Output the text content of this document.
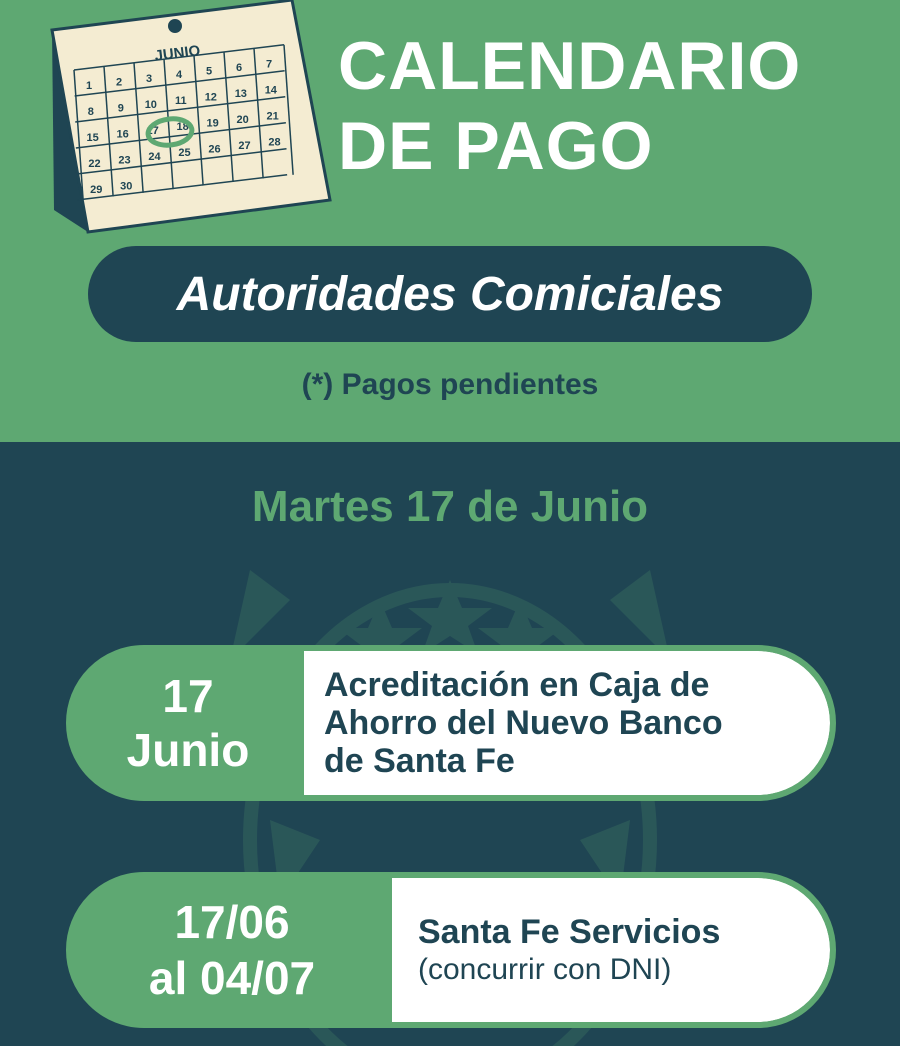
1 2 3 4 5 6 7
8 9 10 11 12 13 14
15 16 17 18 19 20 21
22 23 24 25 26 27 28
29 30
JUNIO CALENDARIO
DE PAGO
Autoridades Comiciales
(*) Pagos pendientes
Martes 17 de Junio
17
Junio
Acreditación en Caja de
Ahorro del Nuevo Banco
de Santa Fe
17/06
al 04/07
Santa Fe Servicios
(concurrir con DNI)
